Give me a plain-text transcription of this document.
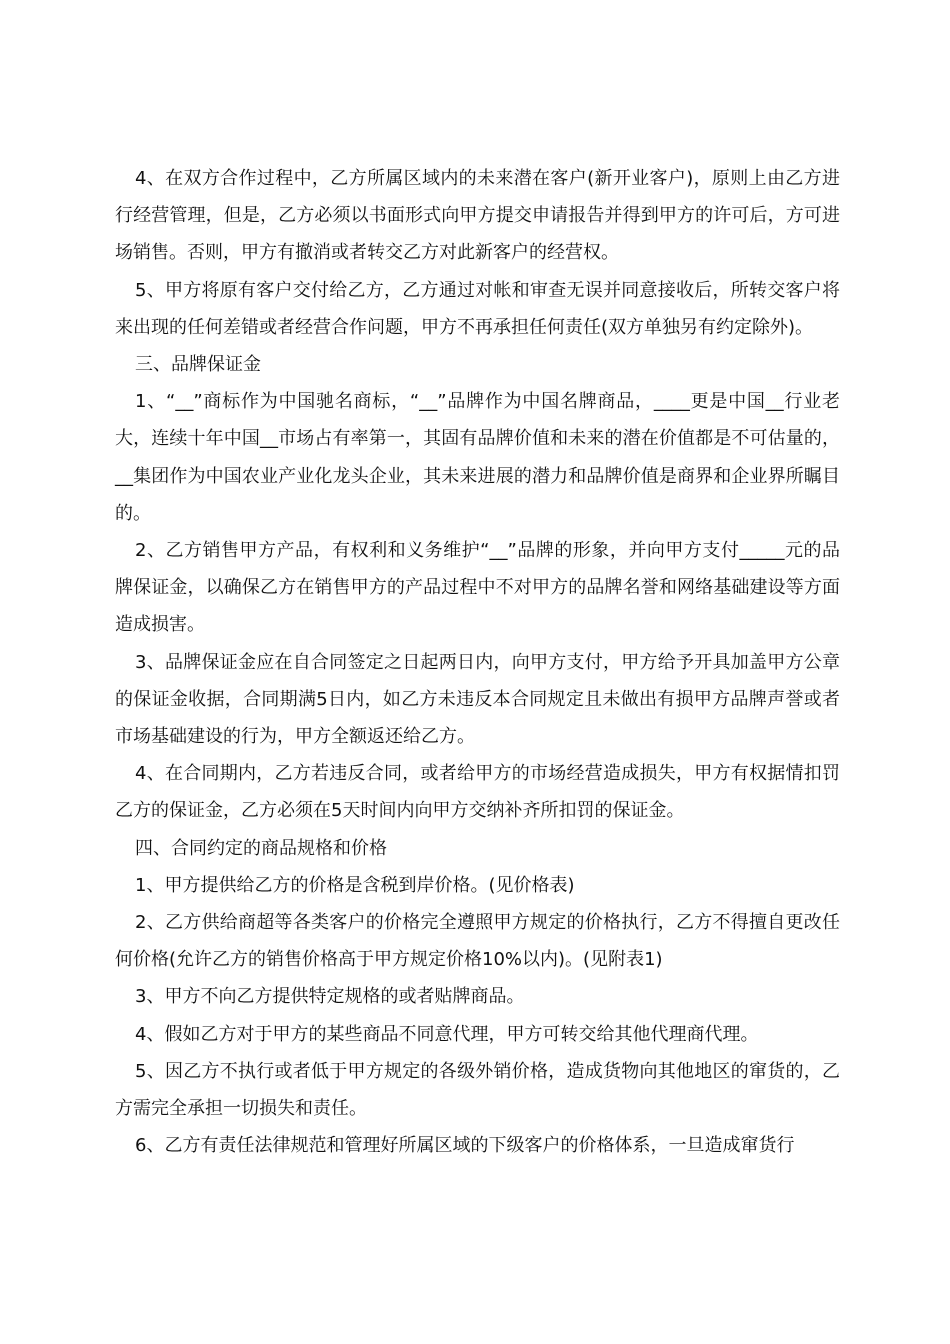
4、在双方合作过程中，乙方所属区域内的未来潜在客户(新开业客户)，原则上由乙方进行经营管理，但是，乙方必须以书面形式向甲方提交申请报告并得到甲方的许可后，方可进场销售。否则，甲方有撤消或者转交乙方对此新客户的经营权。

5、甲方将原有客户交付给乙方，乙方通过对帐和审查无误并同意接收后，所转交客户将来出现的任何差错或者经营合作问题，甲方不再承担任何责任(双方单独另有约定除外)。

三、品牌保证金

1、“__”商标作为中国驰名商标，“__”品牌作为中国名牌商品，____更是中国__行业老大，连续十年中国__市场占有率第一，其固有品牌价值和未来的潜在价值都是不可估量的，__集团作为中国农业产业化龙头企业，其未来进展的潜力和品牌价值是商界和企业界所瞩目的。

2、乙方销售甲方产品，有权利和义务维护“__”品牌的形象，并向甲方支付_____元的品牌保证金，以确保乙方在销售甲方的产品过程中不对甲方的品牌名誉和网络基础建设等方面造成损害。

3、品牌保证金应在自合同签定之日起两日内，向甲方支付，甲方给予开具加盖甲方公章的保证金收据，合同期满5日内，如乙方未违反本合同规定且未做出有损甲方品牌声誉或者市场基础建设的行为，甲方全额返还给乙方。

4、在合同期内，乙方若违反合同，或者给甲方的市场经营造成损失，甲方有权据情扣罚乙方的保证金，乙方必须在5天时间内向甲方交纳补齐所扣罚的保证金。

四、合同约定的商品规格和价格

1、甲方提供给乙方的价格是含税到岸价格。(见价格表)

2、乙方供给商超等各类客户的价格完全遵照甲方规定的价格执行，乙方不得擅自更改任何价格(允许乙方的销售价格高于甲方规定价格10%以内)。(见附表1)

3、甲方不向乙方提供特定规格的或者贴牌商品。

4、假如乙方对于甲方的某些商品不同意代理，甲方可转交给其他代理商代理。

5、因乙方不执行或者低于甲方规定的各级外销价格，造成货物向其他地区的窜货的，乙方需完全承担一切损失和责任。

6、乙方有责任法律规范和管理好所属区域的下级客户的价格体系，一旦造成窜货行
